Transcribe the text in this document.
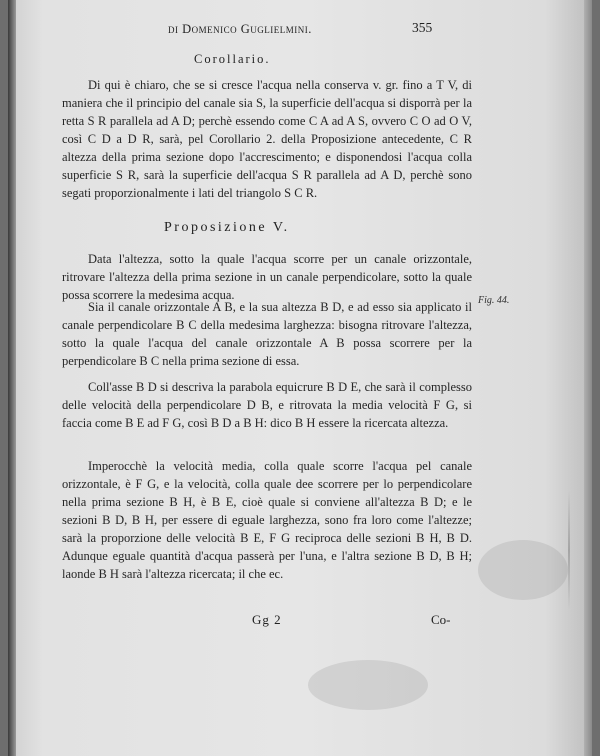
di Domenico Guglielmini.	355
Corollario.
Di qui è chiaro, che se si cresce l'acqua nella conserva v. gr. fino a T V, di maniera che il principio del canale sia S, la superficie dell'acqua si disporrà per la retta S R parallela ad A D; perchè essendo come C A ad A S, ovvero C O ad O V, così C D a D R, sarà, pel Corollario 2. della Proposizione antecedente, C R altezza della prima sezione dopo l'accrescimento; e disponendosi l'acqua colla superficie S R, sarà la superficie dell'acqua S R parallela ad A D, perchè sono segati proporzionalmente i lati del triangolo S C R.
Proposizione V.
Data l'altezza, sotto la quale l'acqua scorre per un canale orizzontale, ritrovare l'altezza della prima sezione in un canale perpendicolare, sotto la quale possa scorrere la medesima acqua.
Sia il canale orizzontale A B, e la sua altezza B D, e ad esso sia applicato il canale perpendicolare B C della medesima larghezza: bisogna ritrovare l'altezza, sotto la quale l'acqua del canale orizzontale A B possa scorrere per la perpendicolare B C nella prima sezione di essa.
Fig. 44.
Coll'asse B D si descriva la parabola equicrure B D E, che sarà il complesso delle velocità della perpendicolare D B, e ritrovata la media velocità F G, si faccia come B E ad F G, così B D a B H: dico B H essere la ricercata altezza.
Imperocchè la velocità media, colla quale scorre l'acqua pel canale orizzontale, è F G, e la velocità, colla quale dee scorrere per lo perpendicolare nella prima sezione B H, è B E, cioè quale si conviene all'altezza B D; e le sezioni B D, B H, per essere di eguale larghezza, sono fra loro come l'altezze; sarà la proporzione delle velocità B E, F G reciproca delle sezioni B H, B D. Adunque eguale quantità d'acqua passerà per l'una, e l'altra sezione B D, B H; laonde B H sarà l'altezza ricercata; il che ec.
Gg 2	Co-
